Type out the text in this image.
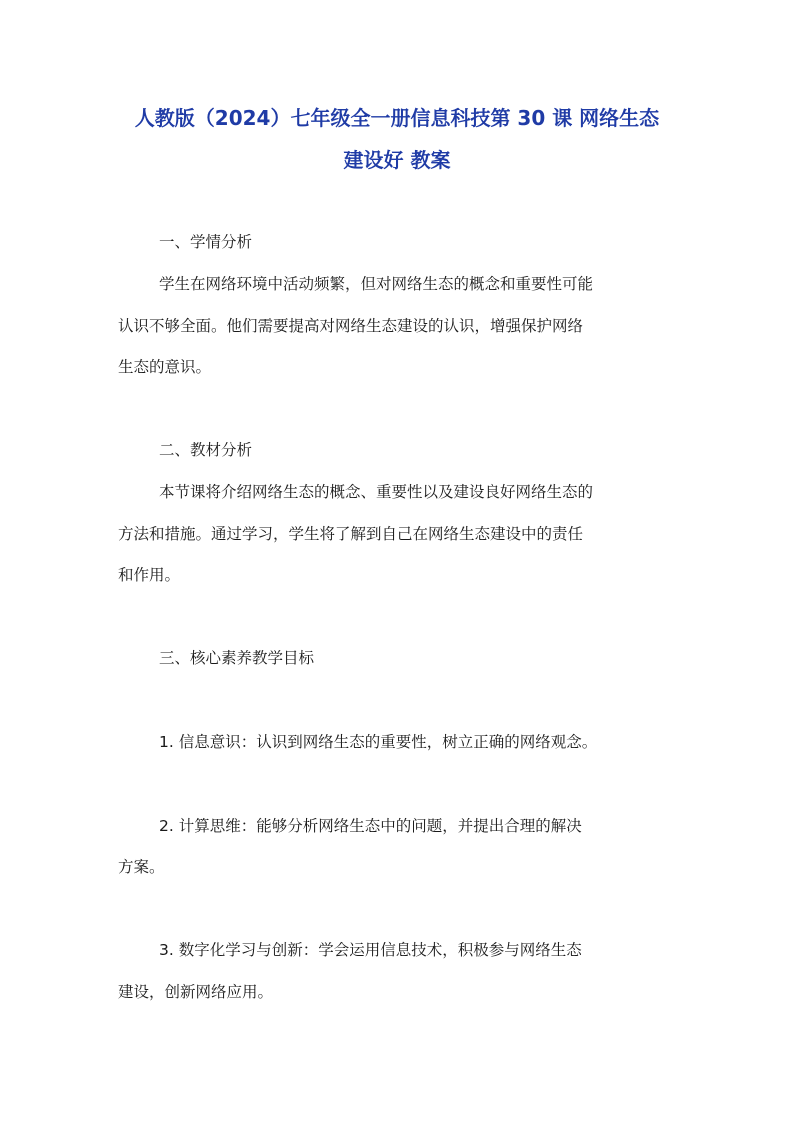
人教版（2024）七年级全一册信息科技第 30 课 网络生态
建设好 教案
一、学情分析
学生在网络环境中活动频繁，但对网络生态的概念和重要性可能
认识不够全面。他们需要提高对网络生态建设的认识，增强保护网络
生态的意识。
二、教材分析
本节课将介绍网络生态的概念、重要性以及建设良好网络生态的
方法和措施。通过学习，学生将了解到自己在网络生态建设中的责任
和作用。
三、核心素养教学目标
1. 信息意识：认识到网络生态的重要性，树立正确的网络观念。
2. 计算思维：能够分析网络生态中的问题，并提出合理的解决
方案。
3. 数字化学习与创新：学会运用信息技术，积极参与网络生态
建设，创新网络应用。
